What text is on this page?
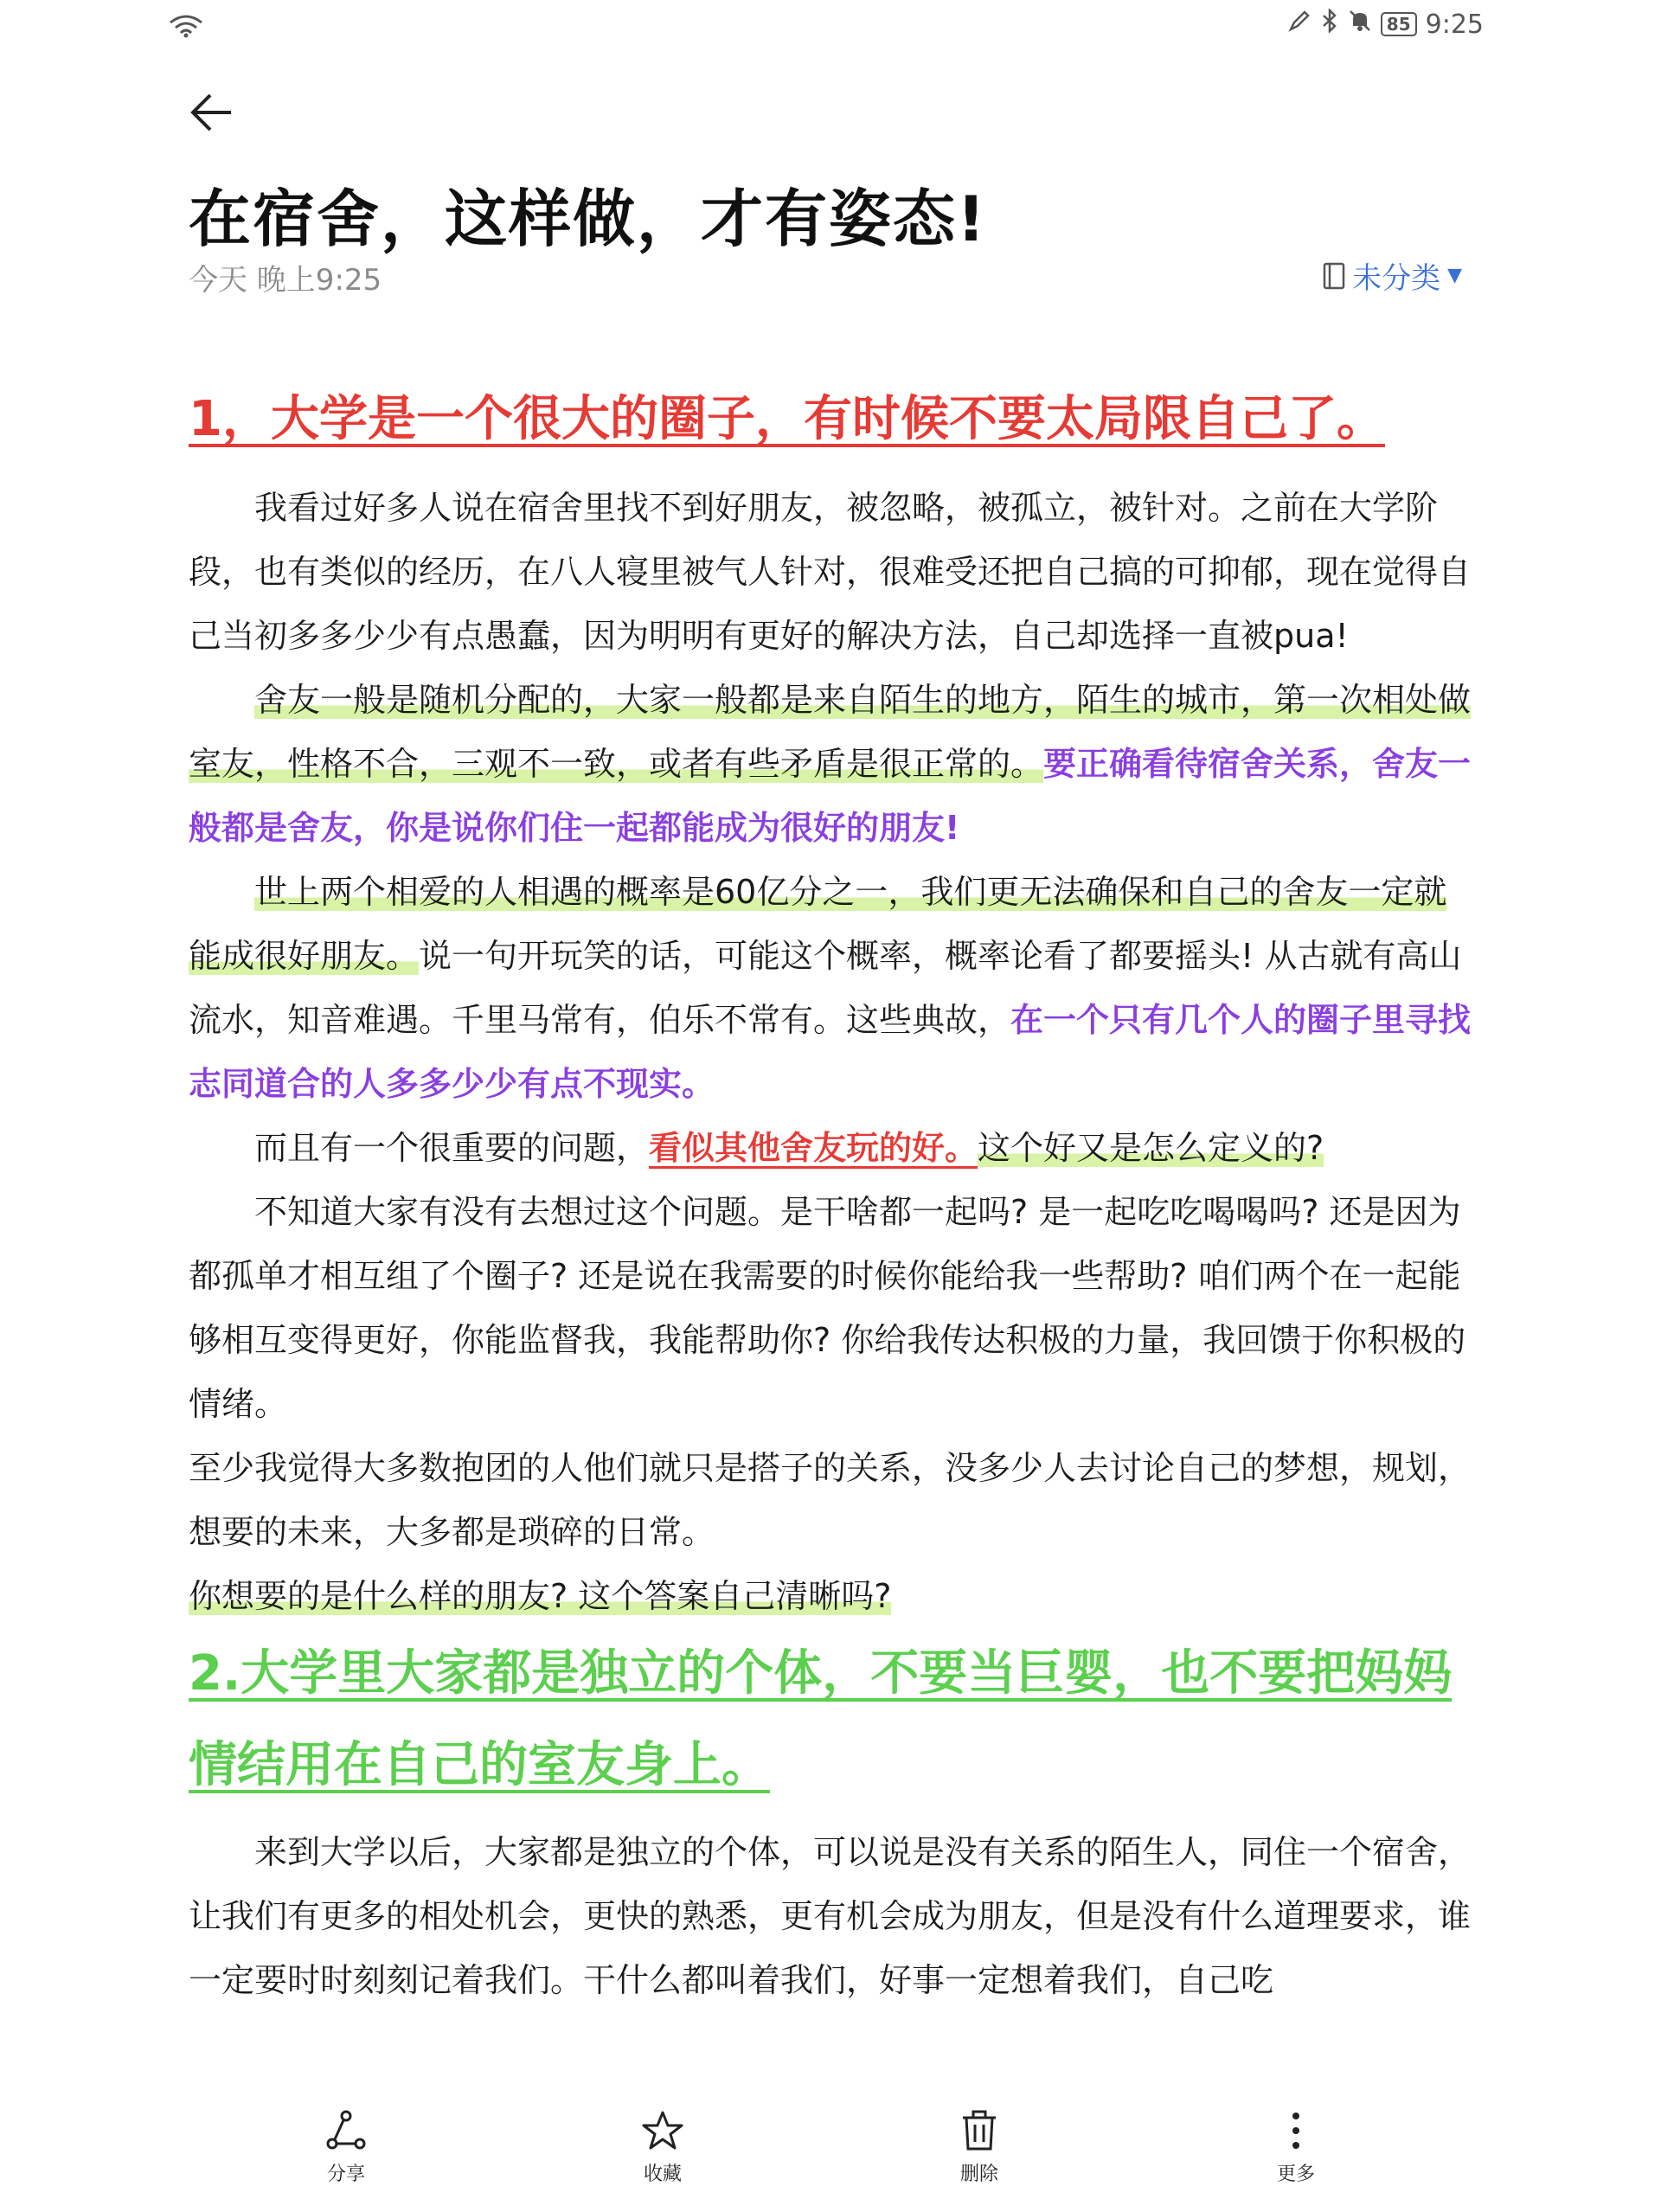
85 9:25
在宿舍，这样做，才有姿态!
今天 晚上9:25	未分类 ▼
1，大学是一个很大的圈子，有时候不要太局限自己了。

我看过好多人说在宿舍里找不到好朋友，被忽略，被孤立，被针对。之前在大学阶段，也有类似的经历，在八人寝里被气人针对，很难受还把自己搞的可抑郁，现在觉得自己当初多多少少有点愚蠢，因为明明有更好的解决方法，自己却选择一直被pua!

舍友一般是随机分配的，大家一般都是来自陌生的地方，陌生的城市，第一次相处做室友，性格不合，三观不一致，或者有些矛盾是很正常的。要正确看待宿舍关系，舍友一般都是舍友，你是说你们住一起都能成为很好的朋友!

世上两个相爱的人相遇的概率是60亿分之一，我们更无法确保和自己的舍友一定就能成很好朋友。说一句开玩笑的话，可能这个概率，概率论看了都要摇头! 从古就有高山流水，知音难遇。千里马常有，伯乐不常有。这些典故，在一个只有几个人的圈子里寻找志同道合的人多多少少有点不现实。

而且有一个很重要的问题，看似其他舍友玩的好。这个好又是怎么定义的?

不知道大家有没有去想过这个问题。是干啥都一起吗? 是一起吃吃喝喝吗? 还是因为都孤单才相互组了个圈子? 还是说在我需要的时候你能给我一些帮助? 咱们两个在一起能够相互变得更好，你能监督我，我能帮助你? 你给我传达积极的力量，我回馈于你积极的情绪。

至少我觉得大多数抱团的人他们就只是搭子的关系，没多少人去讨论自己的梦想，规划，想要的未来，大多都是琐碎的日常。

你想要的是什么样的朋友? 这个答案自己清晰吗?

2.大学里大家都是独立的个体，不要当巨婴，也不要把妈妈情结用在自己的室友身上。

来到大学以后，大家都是独立的个体，可以说是没有关系的陌生人，同住一个宿舍，让我们有更多的相处机会，更快的熟悉，更有机会成为朋友，但是没有什么道理要求，谁一定要时时刻刻记着我们。干什么都叫着我们，好事一定想着我们，自己吃

分享	收藏	删除	更多
